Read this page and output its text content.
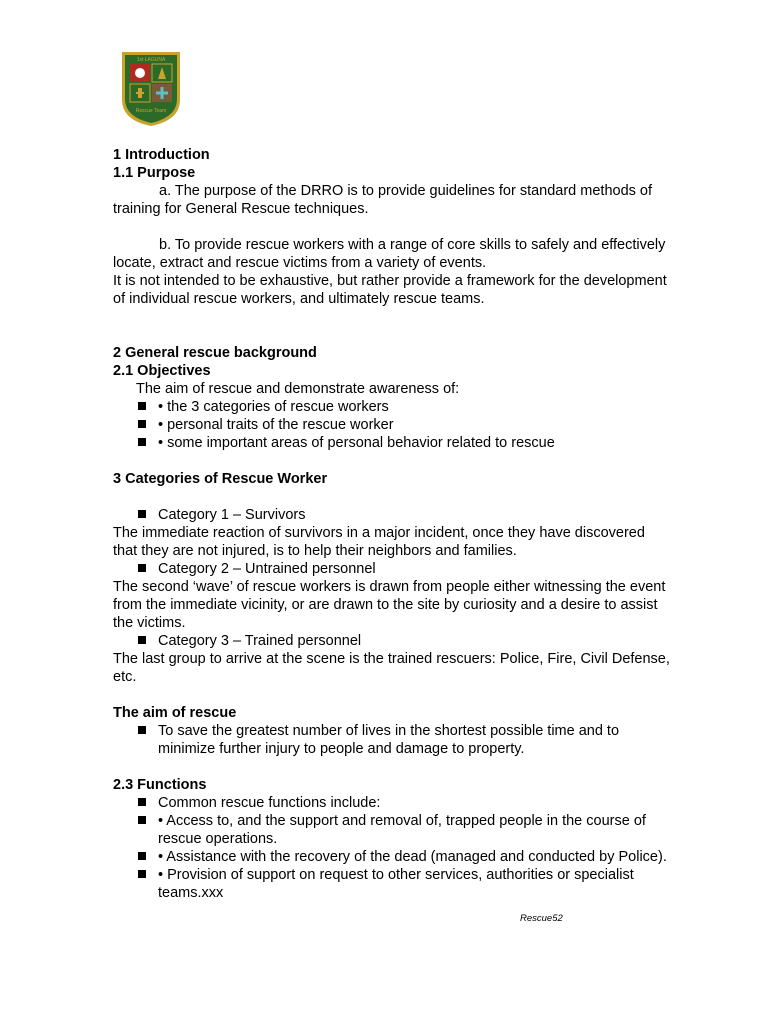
1st LAGUNA
Rescue Team
1 Introduction
1.1 Purpose

a. The purpose of the DRRO is to provide guidelines for standard methods of training for General Rescue techniques.

b. To provide rescue workers with a range of core skills to safely and effectively locate, extract and rescue victims from a variety of events.

It is not intended to be exhaustive, but rather provide a framework for the development of individual rescue workers, and ultimately rescue teams.

2 General rescue background
2.1 Objectives
The aim of rescue and demonstrate awareness of:
• the 3 categories of rescue workers
• personal traits of the rescue worker
• some important areas of personal behavior related to rescue
3 Categories of Rescue Worker
Category 1 – Survivors

The immediate reaction of survivors in a major incident, once they have discovered that they are not injured, is to help their neighbors and families.

Category 2 – Untrained personnel

The second ‘wave’ of rescue workers is drawn from people either witnessing the event from the immediate vicinity, or are drawn to the site by curiosity and a desire to assist the victims.

Category 3 – Trained personnel

The last group to arrive at the scene is the trained rescuers: Police, Fire, Civil Defense, etc.

The aim of rescue
To save the greatest number of lives in the shortest possible time and to minimize further injury to people and damage to property.
2.3 Functions
Common rescue functions include:
• Access to, and the support and removal of, trapped people in the course of rescue operations.
• Assistance with the recovery of the dead (managed and conducted by Police).
• Provision of support on request to other services, authorities or specialist teams.xxx
Rescue52
